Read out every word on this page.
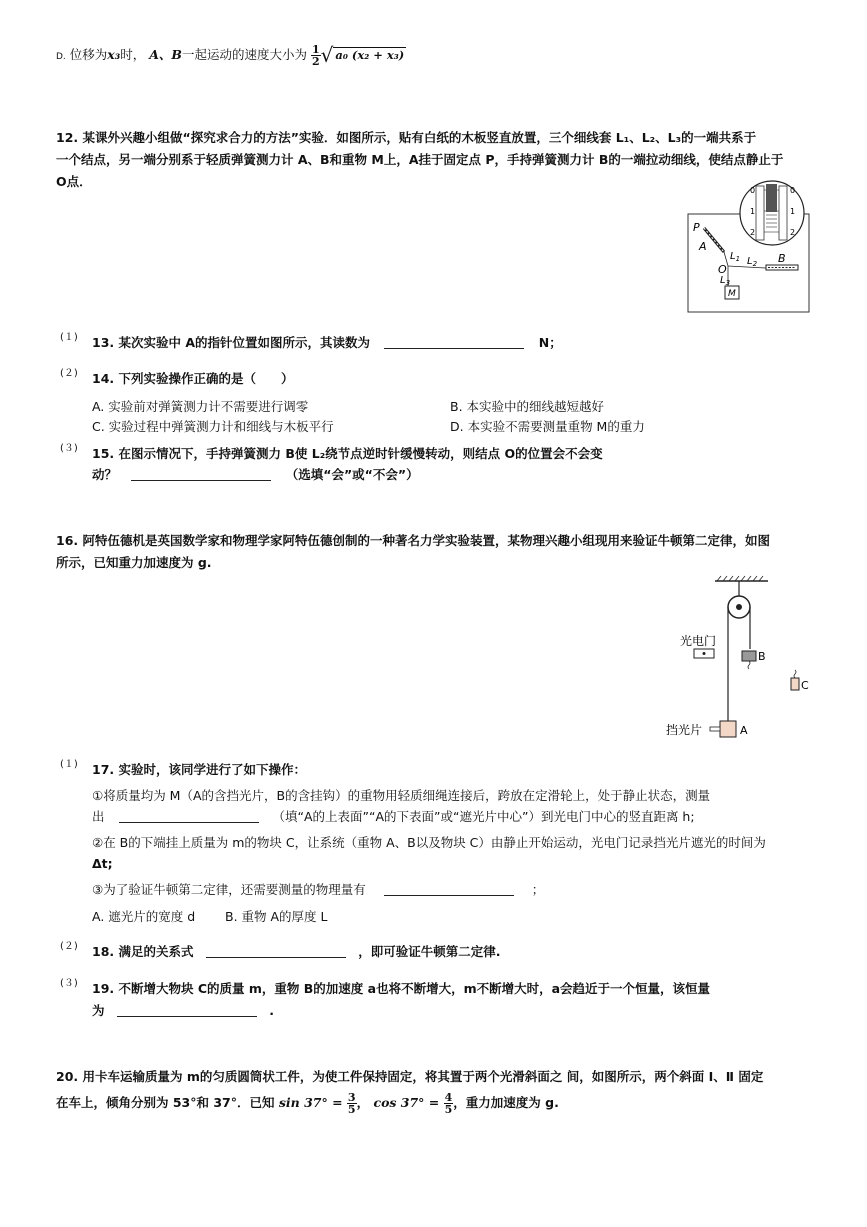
D. 位移为x₃时， A、B一起运动的速度大小为 $\frac{1}{2}$ √ a₀ (x₂ + x₃)
12. 某课外兴趣小组做“探究求合力的方法”实验．如图所示，贴有白纸的木板竖直放置，三个细线套 L₁、L₂、L₃的一端共系于
一个结点，另一端分别系于轻质弹簧测力计 A、B和重物 M上，A挂于固定点 P，手持弹簧测力计 B的一端拉动细线，使结点静止于
O点．
0
1
2
0
1
2
P
A
O
$L_1$ $L_2$
$L_3$
B
M
(１) 13. 某次实验中 A的指针位置如图所示，其读数为	N；
(２) 14. 下列实验操作正确的是（　　）
A. 实验前对弹簧测力计不需要进行调零	B. 本实验中的细线越短越好
C. 实验过程中弹簧测力计和细线与木板平行	D. 本实验不需要测量重物 M的重力
(３) 15. 在图示情况下，手持弹簧测力 B使 L₂绕节点逆时针缓慢转动，则结点 O的位置会不会变
动？	（选填“会”或“不会”）
16. 阿特伍德机是英国数学家和物理学家阿特伍德创制的一种著名力学实验装置，某物理兴趣小组现用来验证牛顿第二定律，如图
所示，已知重力加速度为 g.
光电门
B
C
挡光片	A
(１) 17. 实验时，该同学进行了如下操作：
①将质量均为 M（A的含挡光片，B的含挂钩）的重物用轻质细绳连接后，跨放在定滑轮上，处于静止状态，测量
出	（填“A的上表面”“A的下表面”或“遮光片中心”）到光电门中心的竖直距离 h;
②在 B的下端挂上质量为 m的物块 C，让系统（重物 A、B以及物块 C）由静止开始运动，光电门记录挡光片遮光的时间为
Δt;
③为了验证牛顿第二定律，还需要测量的物理量有	；
A. 遮光片的宽度 d B. 重物 A的厚度 L
(２) 18. 满足的关系式	，即可验证牛顿第二定律.
(３) 19. 不断增大物块 C的质量 m，重物 B的加速度 a也将不断增大，m不断增大时，a会趋近于一个恒量，该恒量
为	.
20. 用卡车运输质量为 m的匀质圆筒状工件，为使工件保持固定，将其置于两个光滑斜面之 间，如图所示，两个斜面 Ⅰ、Ⅱ 固定
在车上，倾角分别为 53°和 37°．已知 $\sin 37^\circ = \frac{3}{5}$ ， $\cos 37^\circ = \frac{4}{5}$ ，重力加速度为 g.
